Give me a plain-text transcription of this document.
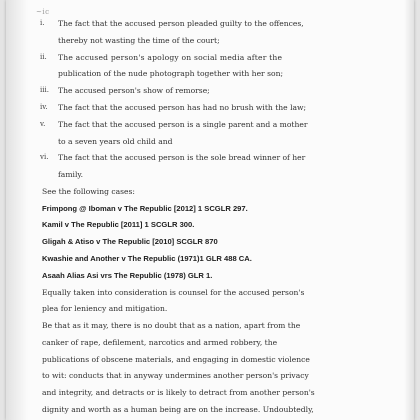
~ic
i. The fact that the accused person pleaded guilty to the offences,
thereby not wasting the time of the court;
ii. The accused person's apology on social media after the
publication of the nude photograph together with her son;
iii. The accused person's show of remorse;
iv. The fact that the accused person has had no brush with the law;
v. The fact that the accused person is a single parent and a mother
to a seven years old child and
vi. The fact that the accused person is the sole bread winner of her
family.
See the following cases:
Frimpong @ Iboman v The Republic [2012] 1 SCGLR 297.
Kamil v The Republic [2011] 1 SCGLR 300.
Gligah & Atiso v The Republic [2010] SCGLR 870
Kwashie and Another v The Republic (1971)1 GLR 488 CA.
Asaah Alias Asi vrs The Republic (1978) GLR 1.
Equally taken into consideration is counsel for the accused person's
plea for leniency and mitigation.
Be that as it may, there is no doubt that as a nation, apart from the
canker of rape, defilement, narcotics and armed robbery, the
publications of obscene materials, and engaging in domestic violence
to wit: conducts that in anyway undermines another person's privacy
and integrity, and detracts or is likely to detract from another person's
dignity and worth as a human being are on the increase. Undoubtedly,
